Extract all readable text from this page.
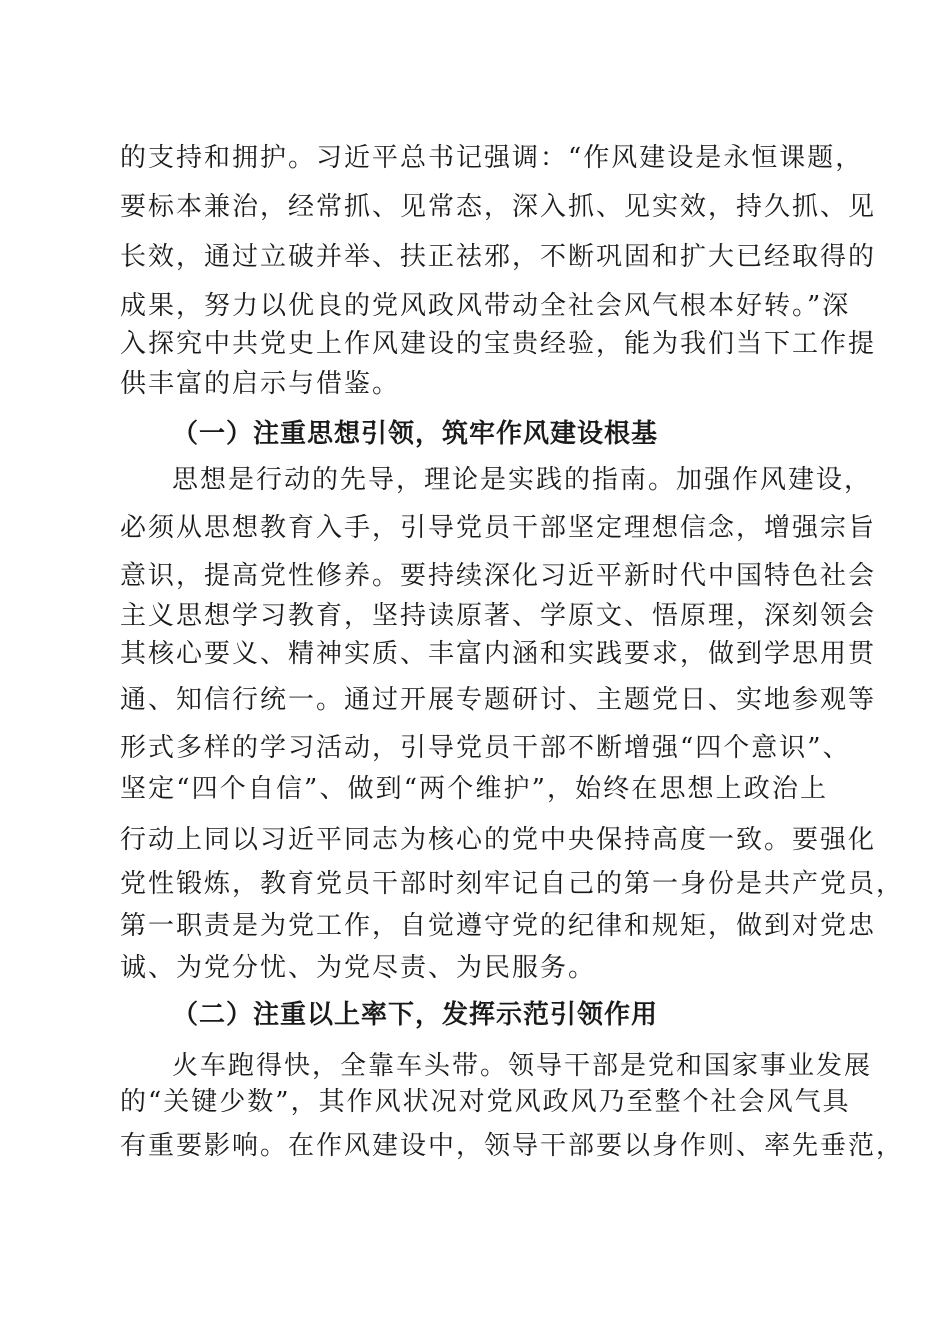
的支持和拥护。习近平总书记强调：“作风建设是永恒课题，
要标本兼治，经常抓、见常态，深入抓、见实效，持久抓、见
长效，通过立破并举、扶正祛邪，不断巩固和扩大已经取得的
成果，努力以优良的党风政风带动全社会风气根本好转。”深
入探究中共党史上作风建设的宝贵经验，能为我们当下工作提
供丰富的启示与借鉴。
（一）注重思想引领，筑牢作风建设根基
思想是行动的先导，理论是实践的指南。加强作风建设，
必须从思想教育入手，引导党员干部坚定理想信念，增强宗旨
意识，提高党性修养。要持续深化习近平新时代中国特色社会
主义思想学习教育，坚持读原著、学原文、悟原理，深刻领会
其核心要义、精神实质、丰富内涵和实践要求，做到学思用贯
通、知信行统一。通过开展专题研讨、主题党日、实地参观等
形式多样的学习活动，引导党员干部不断增强“四个意识”、
坚定“四个自信”、做到“两个维护”，始终在思想上政治上
行动上同以习近平同志为核心的党中央保持高度一致。要强化
党性锻炼，教育党员干部时刻牢记自己的第一身份是共产党员，
第一职责是为党工作，自觉遵守党的纪律和规矩，做到对党忠
诚、为党分忧、为党尽责、为民服务。
（二）注重以上率下，发挥示范引领作用
火车跑得快，全靠车头带。领导干部是党和国家事业发展
的“关键少数”，其作风状况对党风政风乃至整个社会风气具
有重要影响。在作风建设中，领导干部要以身作则、率先垂范，
